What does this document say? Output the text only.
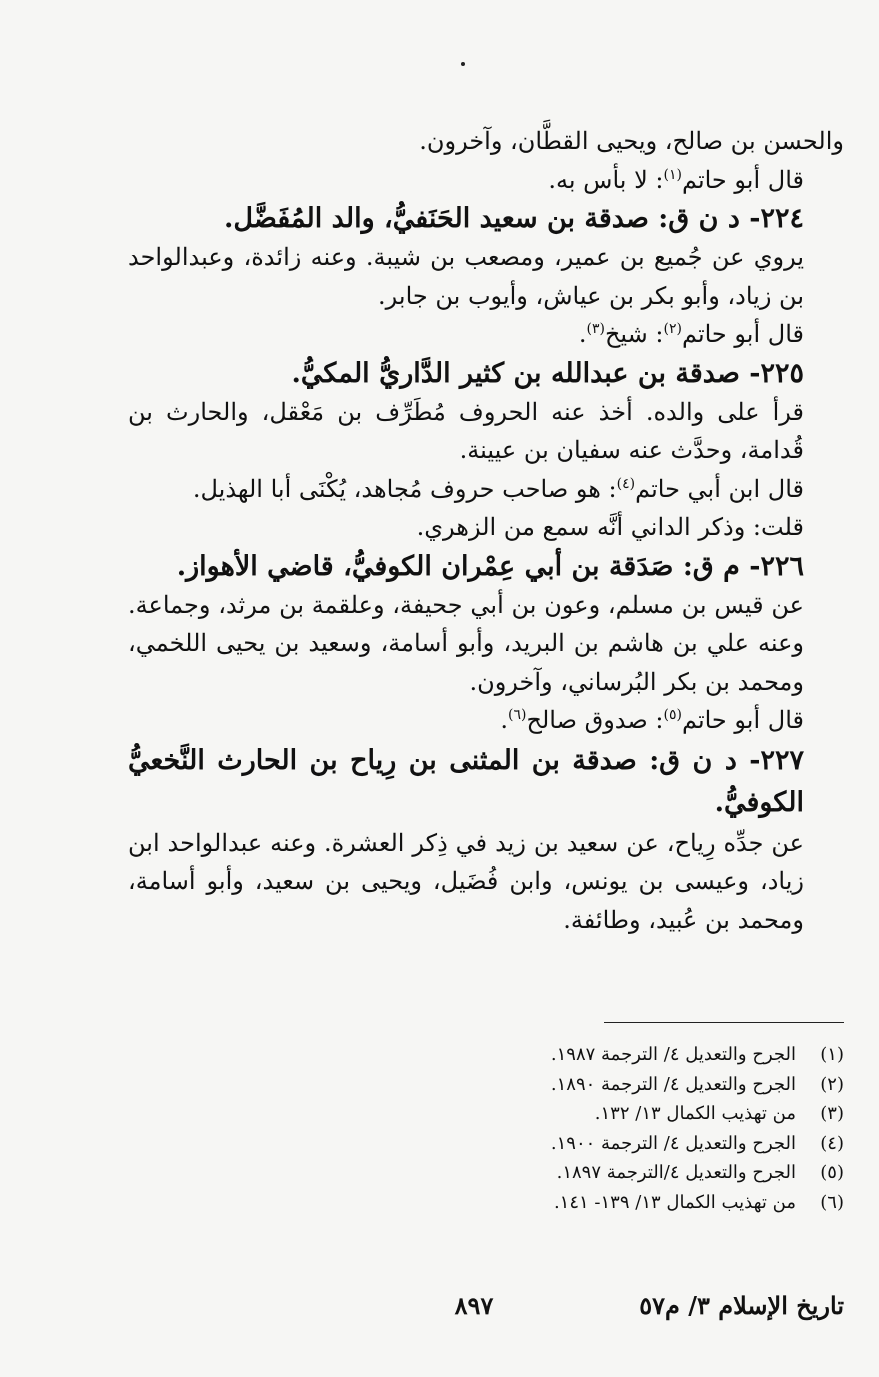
والحسن بن صالح، ويحيى القطَّان، وآخرون.

قال أبو حاتم$^{(١)}$: لا بأس به.

٢٢٤- د ن ق: صدقة بن سعيد الحَنَفيُّ، والد المُفَضَّل.

يروي عن جُميع بن عمير، ومصعب بن شيبة. وعنه زائدة، وعبدالواحد بن زياد، وأبو بكر بن عياش، وأيوب بن جابر.

قال أبو حاتم$^{(٢)}$: شيخ$^{(٣)}$.

٢٢٥- صدقة بن عبدالله بن كثير الدَّاريُّ المكيُّ.

قرأ على والده. أخذ عنه الحروف مُطَرِّف بن مَعْقل، والحارث بن قُدامة، وحدَّث عنه سفيان بن عيينة.

قال ابن أبي حاتم$^{(٤)}$: هو صاحب حروف مُجاهد، يُكْنَى أبا الهذيل.

قلت: وذكر الداني أنَّه سمع من الزهري.

٢٢٦- م ق: صَدَقة بن أبي عِمْران الكوفيُّ، قاضي الأهواز.

عن قيس بن مسلم، وعون بن أبي جحيفة، وعلقمة بن مرثد، وجماعة. وعنه علي بن هاشم بن البريد، وأبو أسامة، وسعيد بن يحيى اللخمي، ومحمد بن بكر البُرساني، وآخرون.

قال أبو حاتم$^{(٥)}$: صدوق صالح$^{(٦)}$.

٢٢٧- د ن ق: صدقة بن المثنى بن رِياح بن الحارث النَّخعيُّ الكوفيُّ.

عن جدِّه رِياح، عن سعيد بن زيد في ذِكر العشرة. وعنه عبدالواحد ابن زياد، وعيسى بن يونس، وابن فُضَيل، ويحيى بن سعيد، وأبو أسامة، ومحمد بن عُبيد، وطائفة.

(١)
الجرح والتعديل ٤/ الترجمة ١٩٨٧.
(٢)
الجرح والتعديل ٤/ الترجمة ١٨٩٠.
(٣)
من تهذيب الكمال ١٣/ ١٣٢.
(٤)
الجرح والتعديل ٤/ الترجمة ١٩٠٠.
(٥)
الجرح والتعديل ٤/الترجمة ١٨٩٧.
(٦)
من تهذيب الكمال ١٣/ ١٣٩- ١٤١.
تاريخ الإسلام ٣/ م٥٧
٨٩٧
